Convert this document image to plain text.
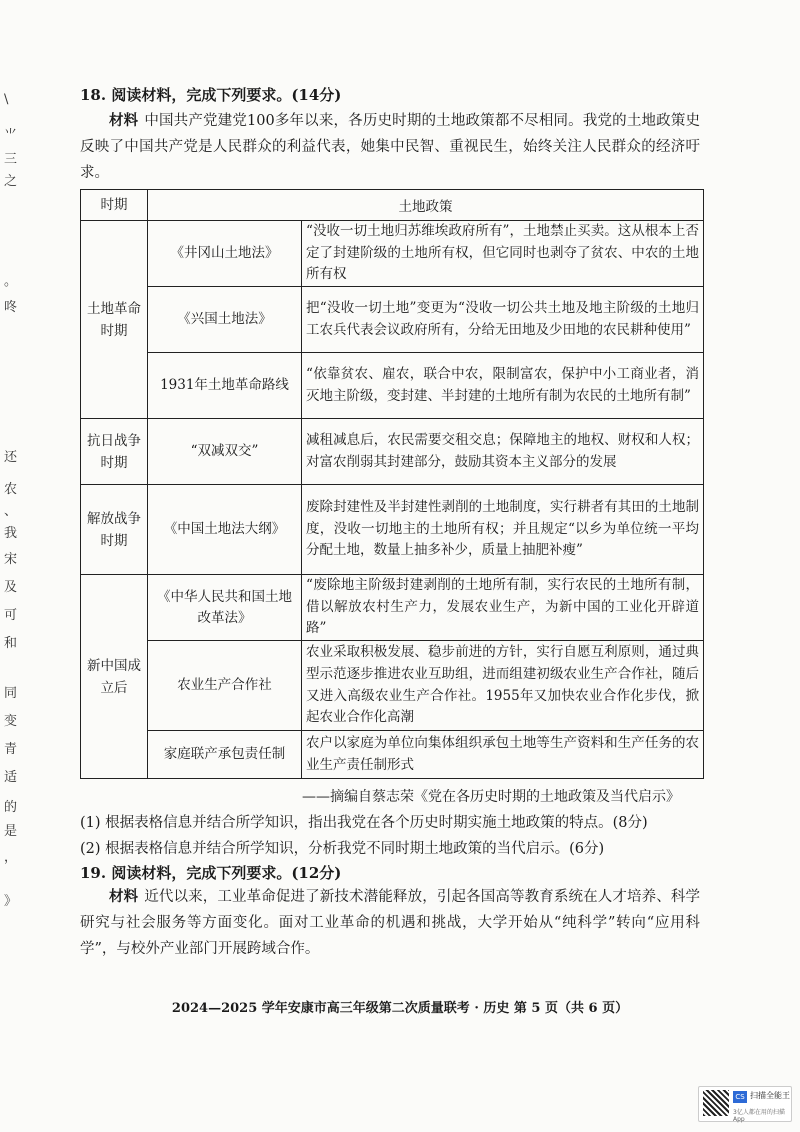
\
⺌
三
之
。
咚
还
农
、
我
宋
及
可
和
同
变
青
适
的
是
，
》
18. 阅读材料，完成下列要求。(14分)
材料 中国共产党建党100多年以来，各历史时期的土地政策都不尽相同。我党的土地政策史反映了中国共产党是人民群众的利益代表，她集中民智、重视民生，始终关注人民群众的经济吁求。
时期	土地政策	
土地革命时期	《井冈山土地法》	“没收一切土地归苏维埃政府所有”，土地禁止买卖。这从根本上否定了封建阶级的土地所有权，但它同时也剥夺了贫农、中农的土地所有权
	《兴国土地法》	把“没收一切土地”变更为“没收一切公共土地及地主阶级的土地归工农兵代表会议政府所有，分给无田地及少田地的农民耕种使用”
	1931年土地革命路线	“依靠贫农、雇农，联合中农，限制富农，保护中小工商业者，消灭地主阶级，变封建、半封建的土地所有制为农民的土地所有制”
抗日战争时期	“双减双交”	减租减息后，农民需要交租交息；保障地主的地权、财权和人权；对富农削弱其封建部分，鼓励其资本主义部分的发展
解放战争时期	《中国土地法大纲》	废除封建性及半封建性剥削的土地制度，实行耕者有其田的土地制度，没收一切地主的土地所有权；并且规定“以乡为单位统一平均分配土地，数量上抽多补少，质量上抽肥补瘦”
新中国成立后	《中华人民共和国土地改革法》	“废除地主阶级封建剥削的土地所有制，实行农民的土地所有制，借以解放农村生产力，发展农业生产，为新中国的工业化开辟道路”
	农业生产合作社	农业采取积极发展、稳步前进的方针，实行自愿互利原则，通过典型示范逐步推进农业互助组，进而组建初级农业生产合作社，随后又进入高级农业生产合作社。1955年又加快农业合作化步伐，掀起农业合作化高潮
	家庭联产承包责任制	农户以家庭为单位向集体组织承包土地等生产资料和生产任务的农业生产责任制形式
——摘编自蔡志荣《党在各历史时期的土地政策及当代启示》
(1) 根据表格信息并结合所学知识，指出我党在各个历史时期实施土地政策的特点。(8分)
(2) 根据表格信息并结合所学知识，分析我党不同时期土地政策的当代启示。(6分)
19. 阅读材料，完成下列要求。(12分)
材料 近代以来，工业革命促进了新技术潜能释放，引起各国高等教育系统在人才培养、科学研究与社会服务等方面变化。面对工业革命的机遇和挑战，大学开始从“纯科学”转向“应用科学”，与校外产业部门开展跨域合作。
2024—2025 学年安康市高三年级第二次质量联考 · 历史 第 5 页（共 6 页）
CS 扫描全能王
3亿人都在用的扫描App
